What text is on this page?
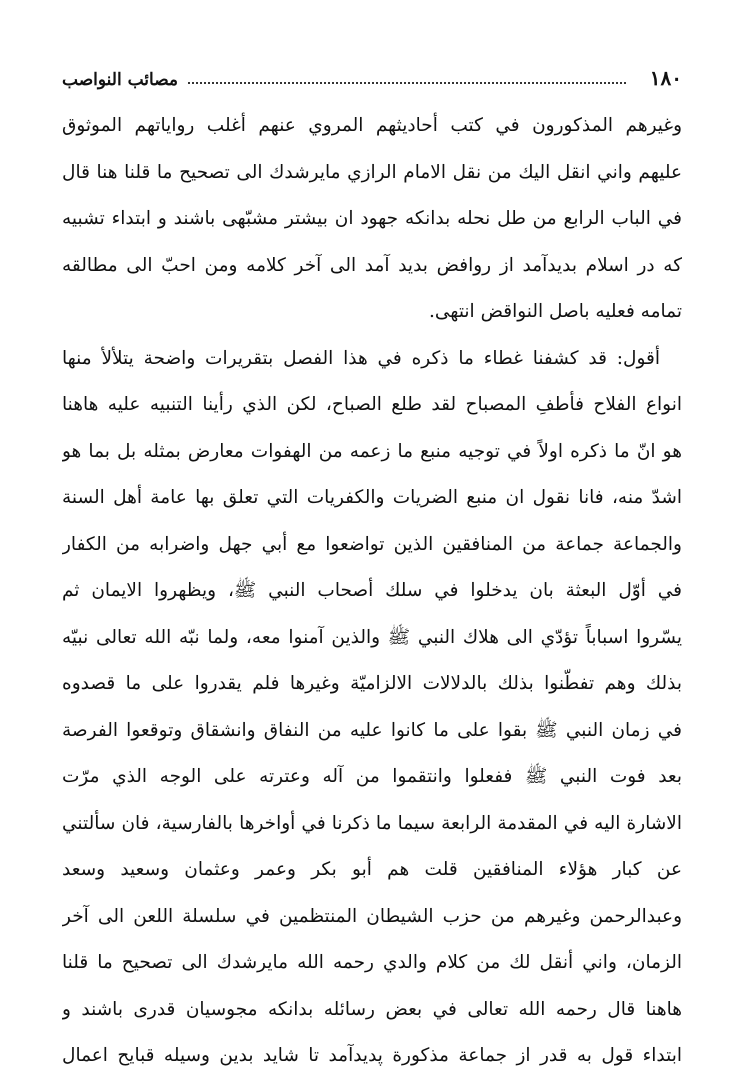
١٨٠
مصائب النواصب
وغيرهم المذكورون في كتب أحاديثهم المروي عنهم أغلب رواياتهم الموثوق
عليهم واني انقل اليك من نقل الامام الرازي مايرشدك الى تصحيح ما قلنا هنا قال
في الباب الرابع من طل نحله بدانكه جهود ان بيشتر مشبّهى باشند و ابتداء تشبيه
كه در اسلام بديدآمد از روافض بديد آمد الى آخر كلامه ومن احبّ الى مطالقه
تمامه فعليه باصل النواقض انتهى.
أقول: قد كشفنا غطاء ما ذكره في هذا الفصل بتقريرات واضحة يتلألأ منها
انواع الفلاح فأطفِ المصباح لقد طلع الصباح، لكن الذي رأينا التنبيه عليه هاهنا
هو انّ ما ذكره اولاً في توجيه منبع ما زعمه من الهفوات معارض بمثله بل بما هو
اشدّ منه، فانا نقول ان منبع الضريات والكفريات التي تعلق بها عامة أهل السنة
والجماعة جماعة من المنافقين الذين تواضعوا مع أبي جهل واضرابه من الكفار
في أوّل البعثة بان يدخلوا في سلك أصحاب النبي ﷺ، ويظهروا الايمان ثم
يسّروا اسباباً تؤدّي الى هلاك النبي ﷺ والذين آمنوا معه، ولما نبّه الله تعالى نبيّه
بذلك وهم تفطّنوا بذلك بالدلالات الالزاميّة وغيرها فلم يقدروا على ما قصدوه
في زمان النبي ﷺ بقوا على ما كانوا عليه من النفاق وانشقاق وتوقعوا الفرصة
بعد فوت النبي ﷺ ففعلوا وانتقموا من آله وعترته على الوجه الذي مرّت
الاشارة اليه في المقدمة الرابعة سيما ما ذكرنا في أواخرها بالفارسية، فان سألتني
عن كبار هؤلاء المنافقين قلت هم أبو بكر وعمر وعثمان وسعيد وسعد
وعبدالرحمن وغيرهم من حزب الشيطان المنتظمين في سلسلة اللعن الى آخر
الزمان، واني أنقل لك من كلام والدي رحمه الله مايرشدك الى تصحيح ما قلنا
هاهنا قال رحمه الله تعالى في بعض رسائله بدانكه مجوسيان قدرى باشند و
ابتداء قول به قدر از جماعة مذكورة پديدآمد تا شايد بدين وسيله قبايح اعمال
